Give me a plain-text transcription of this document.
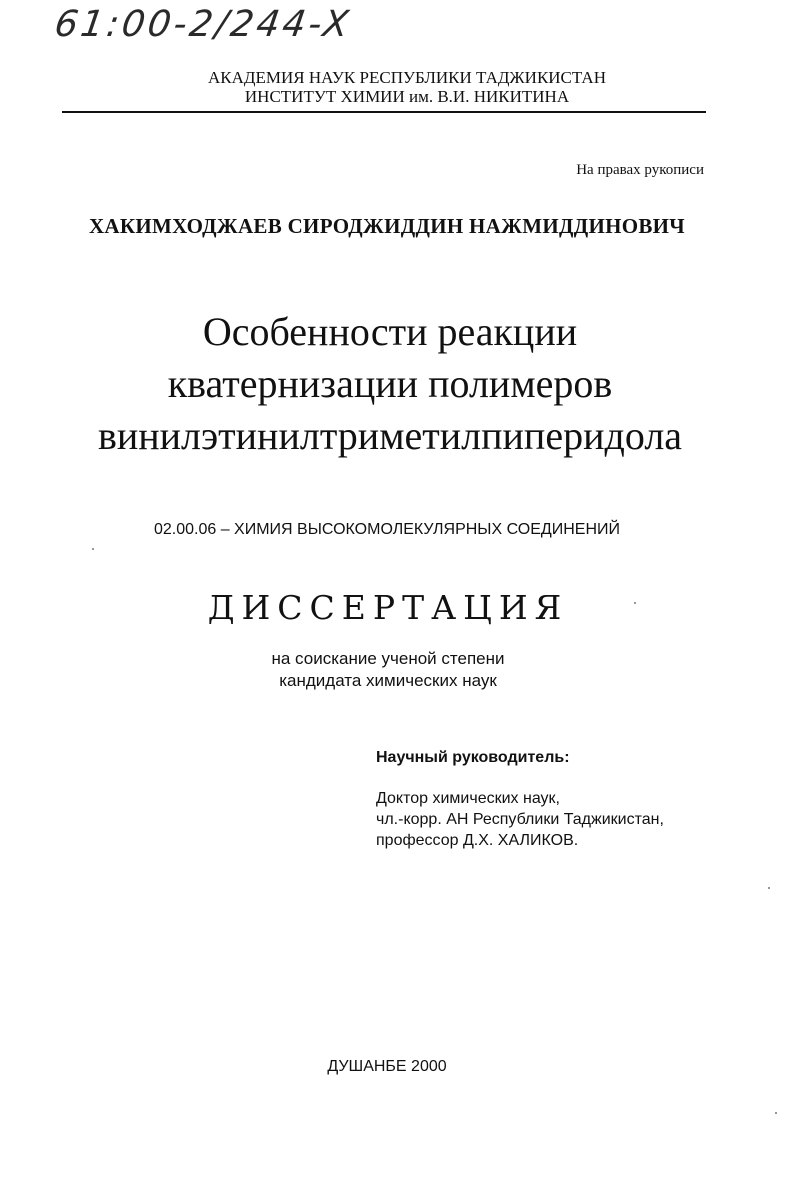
61:00-2/244-X
АКАДЕМИЯ НАУК РЕСПУБЛИКИ ТАДЖИКИСТАН
ИНСТИТУТ ХИМИИ им. В.И. НИКИТИНА
На правах рукописи
ХАКИМХОДЖАЕВ СИРОДЖИДДИН НАЖМИДДИНОВИЧ
Особенности реакции
кватернизации полимеров
винилэтинилтриметилпиперидола
02.00.06 – ХИМИЯ ВЫСОКОМОЛЕКУЛЯРНЫХ СОЕДИНЕНИЙ
ДИССЕРТАЦИЯ
на соискание ученой степени
кандидата химических наук
Научный руководитель:
Доктор химических наук,
чл.-корр. АН Республики Таджикистан,
профессор Д.Х. ХАЛИКОВ.
ДУШАНБЕ 2000
